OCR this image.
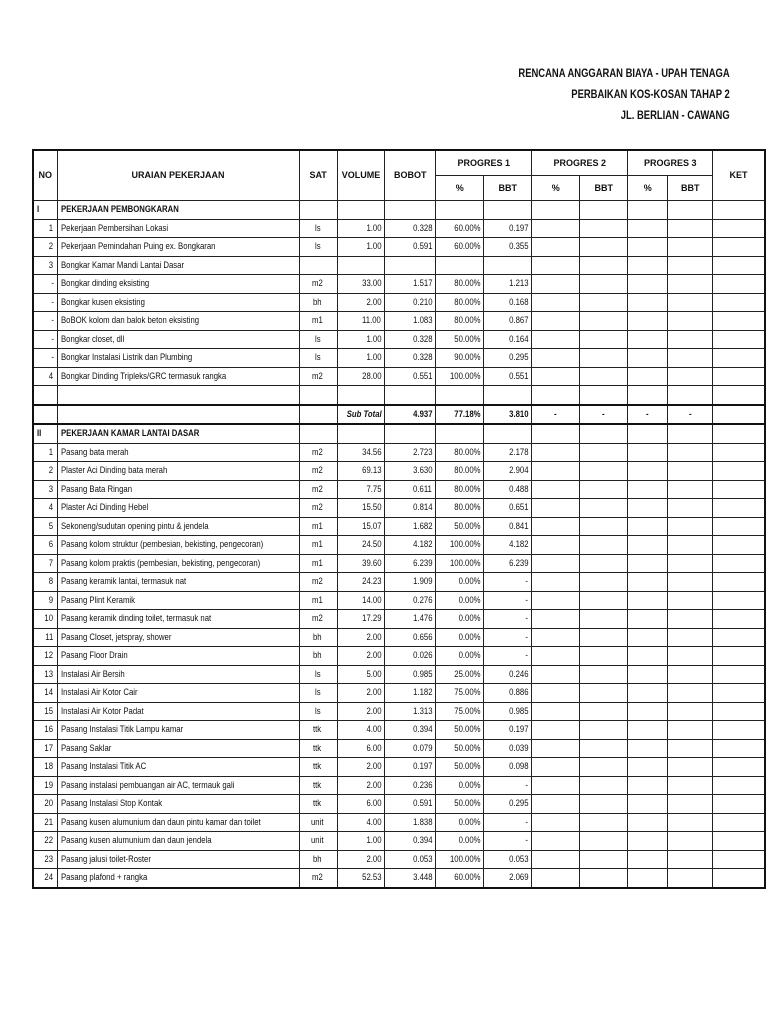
RENCANA ANGGARAN BIAYA - UPAH TENAGA
PERBAIKAN KOS-KOSAN TAHAP 2
JL. BERLIAN - CAWANG
NO	URAIAN PEKERJAAN	SAT	VOLUME	BOBOT	PROGRES 1		PROGRES 2		PROGRES 3		KET
					%	BBT	%	BBT	%	BBT	
I	PEKERJAAN PEMBONGKARAN										
1	Pekerjaan Pembersihan Lokasi	ls	1.00	0.328	60.00%	0.197					
2	Pekerjaan Pemindahan Puing ex. Bongkaran	ls	1.00	0.591	60.00%	0.355					
3	Bongkar Kamar Mandi Lantai Dasar										
-	Bongkar dinding eksisting	m2	33.00	1.517	80.00%	1.213					
-	Bongkar kusen eksisting	bh	2.00	0.210	80.00%	0.168					
-	BoBOK kolom dan balok beton eksisting	m1	11.00	1.083	80.00%	0.867					
-	Bongkar closet, dll	ls	1.00	0.328	50.00%	0.164					
-	Bongkar Instalasi Listrik dan Plumbing	ls	1.00	0.328	90.00%	0.295					
4	Bongkar Dinding Tripleks/GRC termasuk rangka	m2	28.00	0.551	100.00%	0.551					

			Sub Total	4.937	77.18%	3.810	-	-	-	-	
II	PEKERJAAN KAMAR LANTAI DASAR										
1	Pasang bata merah	m2	34.56	2.723	80.00%	2.178					
2	Plaster Aci Dinding bata merah	m2	69.13	3.630	80.00%	2.904					
3	Pasang Bata Ringan	m2	7.75	0.611	80.00%	0.488					
4	Plaster Aci Dinding Hebel	m2	15.50	0.814	80.00%	0.651					
5	Sekoneng/sudutan opening pintu & jendela	m1	15.07	1.682	50.00%	0.841					
6	Pasang kolom struktur (pembesian, bekisting, pengecoran)	m1	24.50	4.182	100.00%	4.182					
7	Pasang kolom praktis (pembesian, bekisting, pengecoran)	m1	39.60	6.239	100.00%	6.239					
8	Pasang keramik lantai, termasuk nat	m2	24.23	1.909	0.00%	-					
9	Pasang Plint Keramik	m1	14.00	0.276	0.00%	-					
10	Pasang keramik dinding toilet, termasuk nat	m2	17.29	1.476	0.00%	-					
11	Pasang Closet, jetspray, shower	bh	2.00	0.656	0.00%	-					
12	Pasang Floor Drain	bh	2.00	0.026	0.00%	-					
13	Instalasi Air Bersih	ls	5.00	0.985	25.00%	0.246					
14	Instalasi Air Kotor Cair	ls	2.00	1.182	75.00%	0.886					
15	Instalasi Air Kotor Padat	ls	2.00	1.313	75.00%	0.985					
16	Pasang Instalasi Titik Lampu kamar	ttk	4.00	0.394	50.00%	0.197					
17	Pasang Saklar	ttk	6.00	0.079	50.00%	0.039					
18	Pasang Instalasi Titik AC	ttk	2.00	0.197	50.00%	0.098					
19	Pasang instalasi pembuangan air AC, termauk gali	ttk	2.00	0.236	0.00%	-					
20	Pasang Instalasi Stop Kontak	ttk	6.00	0.591	50.00%	0.295					
21	Pasang kusen alumunium dan daun pintu kamar dan toilet	unit	4.00	1.838	0.00%	-					
22	Pasang kusen alumunium dan daun jendela	unit	1.00	0.394	0.00%	-					
23	Pasang jalusi toilet-Roster	bh	2.00	0.053	100.00%	0.053					
24	Pasang plafond + rangka	m2	52.53	3.448	60.00%	2.069					
